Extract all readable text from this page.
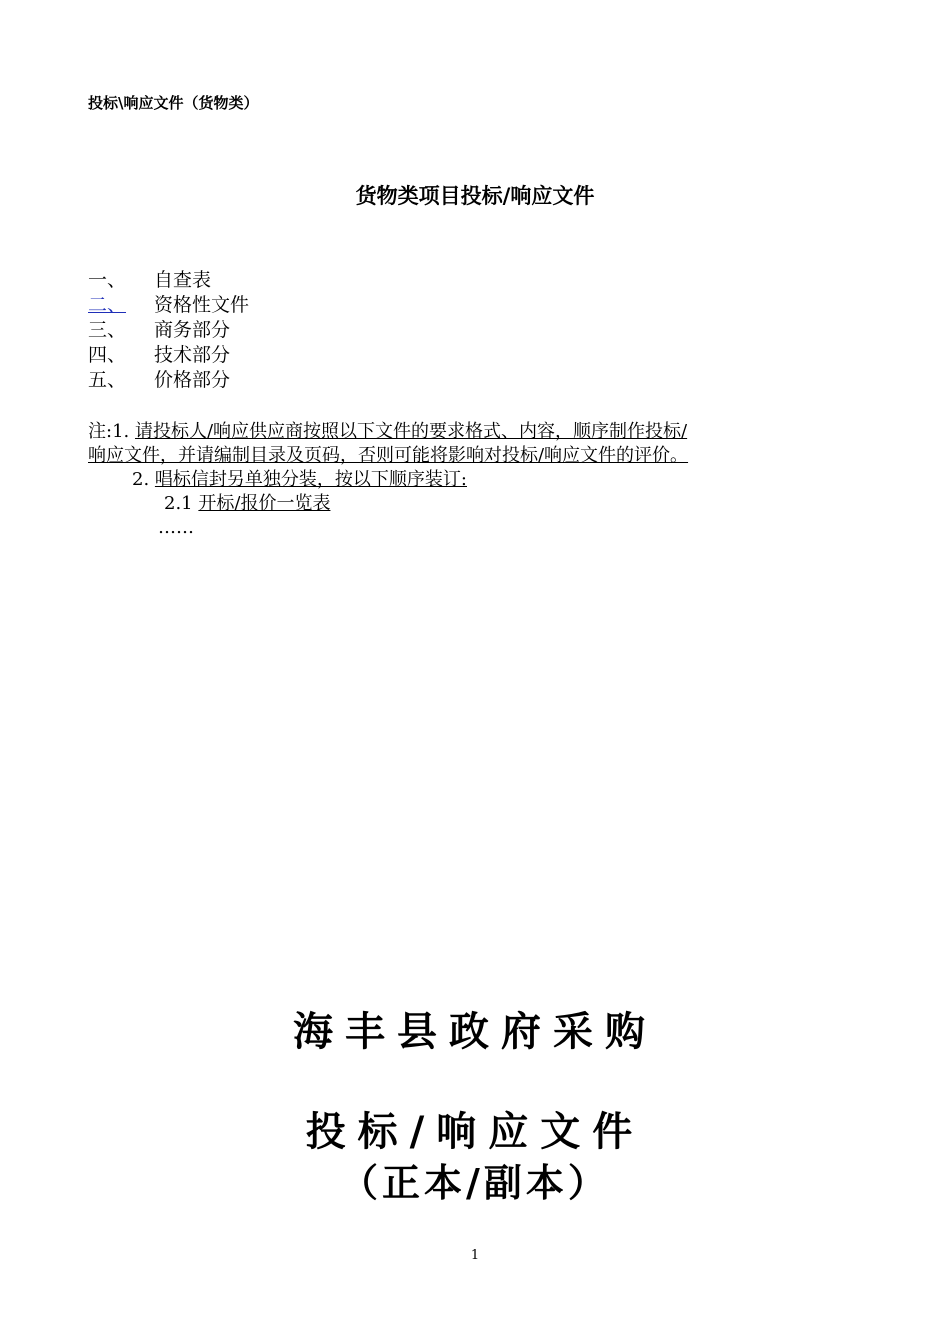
投标\响应文件（货物类）
货物类项目投标/响应文件
一、 自查表
二、 资格性文件
三、 商务部分
四、 技术部分
五、 价格部分
注:1. 请投标人/响应供应商按照以下文件的要求格式、内容，顺序制作投标/
响应文件，并请编制目录及页码，否则可能将影响对投标/响应文件的评价。
2. 唱标信封另单独分装，按以下顺序装订:
2.1 开标/报价一览表
……
海丰县政府采购
投标/响应文件
（正本/副本）
1
